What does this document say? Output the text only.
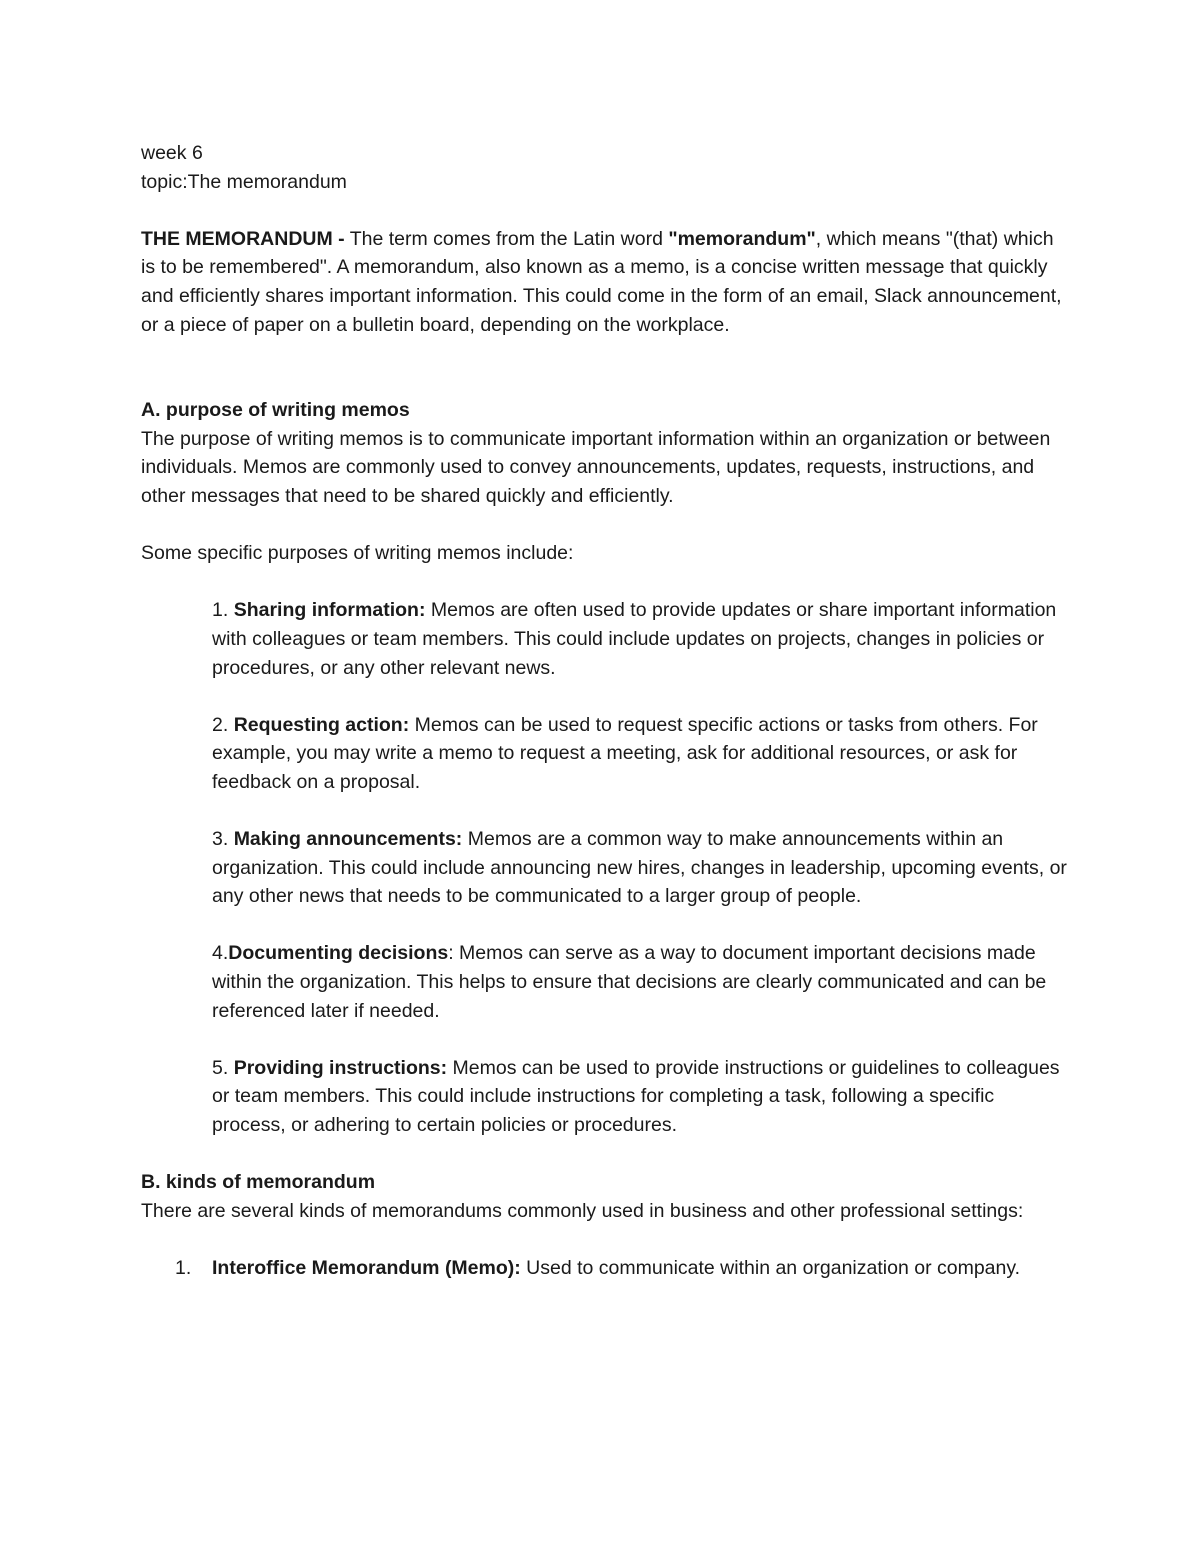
week 6

topic:The memorandum

THE MEMORANDUM - The term comes from the Latin word "memorandum", which means "(that) which is to be remembered". A memorandum, also known as a memo, is a concise written message that quickly and efficiently shares important information. This could come in the form of an email, Slack announcement, or a piece of paper on a bulletin board, depending on the workplace.

A. purpose of writing memos

The purpose of writing memos is to communicate important information within an organization or between individuals. Memos are commonly used to convey announcements, updates, requests, instructions, and other messages that need to be shared quickly and efficiently.

Some specific purposes of writing memos include:

1. Sharing information: Memos are often used to provide updates or share important information with colleagues or team members. This could include updates on projects, changes in policies or procedures, or any other relevant news.

2. Requesting action: Memos can be used to request specific actions or tasks from others. For example, you may write a memo to request a meeting, ask for additional resources, or ask for feedback on a proposal.

3. Making announcements: Memos are a common way to make announcements within an organization. This could include announcing new hires, changes in leadership, upcoming events, or any other news that needs to be communicated to a larger group of people.

4.Documenting decisions: Memos can serve as a way to document important decisions made within the organization. This helps to ensure that decisions are clearly communicated and can be referenced later if needed.

5. Providing instructions: Memos can be used to provide instructions or guidelines to colleagues or team members. This could include instructions for completing a task, following a specific process, or adhering to certain policies or procedures.

B. kinds of memorandum

There are several kinds of memorandums commonly used in business and other professional settings:

1.	Interoffice Memorandum (Memo): Used to communicate within an organization or company.
